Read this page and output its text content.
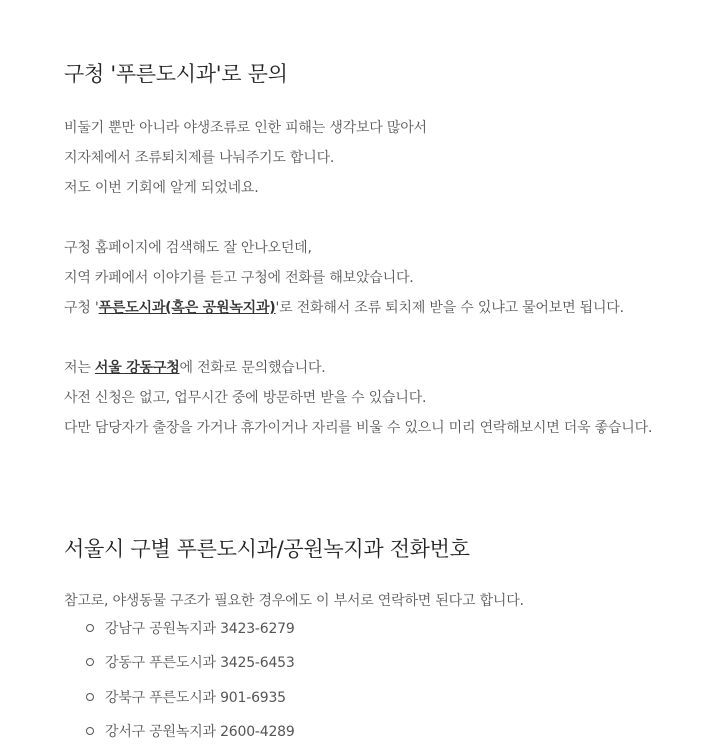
구청 '푸른도시과'로 문의

비둘기 뿐만 아니라 야생조류로 인한 피해는 생각보다 많아서

지자체에서 조류퇴치제를 나눠주기도 합니다.

저도 이번 기회에 알게 되었네요.

구청 홈페이지에 검색해도 잘 안나오던데,

지역 카페에서 이야기를 듣고 구청에 전화를 해보았습니다.

구청 '푸른도시과(혹은 공원녹지과)'로 전화해서 조류 퇴치제 받을 수 있냐고 물어보면 됩니다.

저는 서울 강동구청에 전화로 문의했습니다.

사전 신청은 없고, 업무시간 중에 방문하면 받을 수 있습니다.

다만 담당자가 출장을 가거나 휴가이거나 자리를 비울 수 있으니 미리 연락해보시면 더욱 좋습니다.

서울시 구별 푸른도시과/공원녹지과 전화번호

참고로, 야생동물 구조가 필요한 경우에도 이 부서로 연락하면 된다고 합니다.

강남구 공원녹지과 3423-6279
강동구 푸른도시과 3425-6453
강북구 푸른도시과 901-6935
강서구 공원녹지과 2600-4289
